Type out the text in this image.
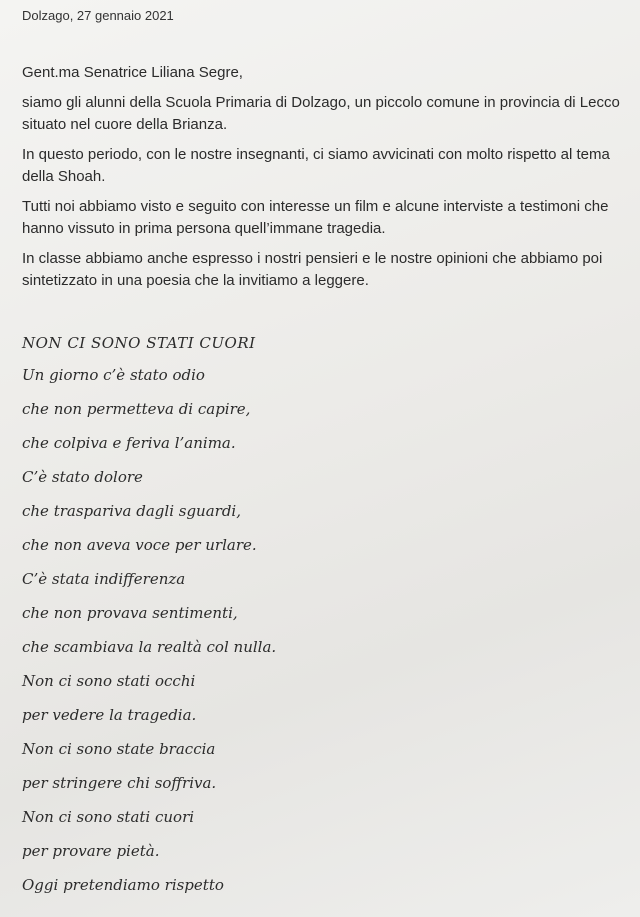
Dolzago, 27 gennaio 2021

Gent.ma Senatrice Liliana Segre,

siamo gli alunni della Scuola Primaria di Dolzago, un piccolo comune in provincia di Lecco situato nel cuore della Brianza.

In questo periodo, con le nostre insegnanti, ci siamo avvicinati con molto rispetto al tema della Shoah.

Tutti noi abbiamo visto e seguito con interesse un film e alcune interviste a testimoni che hanno vissuto in prima persona quell’immane tragedia.

In classe abbiamo anche espresso i nostri pensieri e le nostre opinioni che abbiamo poi sintetizzato in una poesia che la invitiamo a leggere.

NON CI SONO STATI CUORI
Un giorno c’è stato odio
che non permetteva di capire,
che colpiva e feriva l’anima.
C’è stato dolore
che traspariva dagli sguardi,
che non aveva voce per urlare.
C’è stata indifferenza
che non provava sentimenti,
che scambiava la realtà col nulla.
Non ci sono stati occhi
per vedere la tragedia.
Non ci sono state braccia
per stringere chi soffriva.
Non ci sono stati cuori
per provare pietà.
Oggi pretendiamo rispetto
